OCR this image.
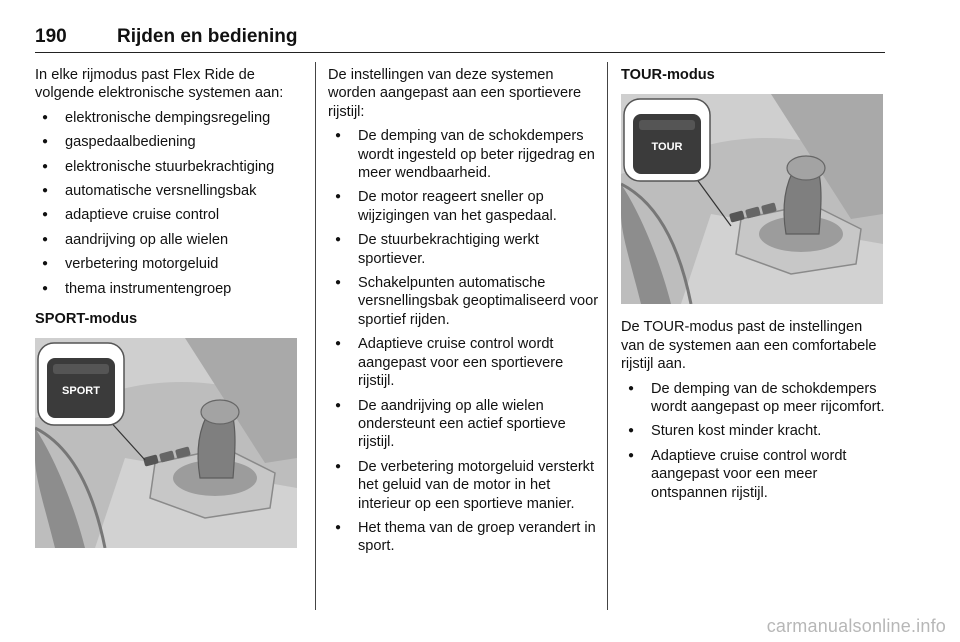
190	Rijden en bediening

In elke rijmodus past Flex Ride de volgende elektronische systemen aan:

● elektronische dempingsregeling
● gaspedaalbediening
● elektronische stuurbekrachtiging
● automatische versnellingsbak
● adaptieve cruise control
● aandrijving op alle wielen
● verbetering motorgeluid
● thema instrumentengroep
SPORT-modus
SPORT

De instellingen van deze systemen worden aangepast aan een sportievere rijstijl:

● De demping van de schokdempers wordt ingesteld op beter rijgedrag en meer wendbaarheid.
● De motor reageert sneller op wijzigingen van het gaspedaal.
● De stuurbekrachtiging werkt sportiever.
● Schakelpunten automatische versnellingsbak geoptimaliseerd voor sportief rijden.
● Adaptieve cruise control wordt aangepast voor een sportievere rijstijl.
● De aandrijving op alle wielen ondersteunt een actief sportieve rijstijl.
● De verbetering motorgeluid versterkt het geluid van de motor in het interieur op een sportieve manier.
● Het thema van de groep verandert in sport.
TOUR-modus
TOUR

De TOUR-modus past de instellingen van de systemen aan een comfortabele rijstijl aan.

● De demping van de schokdempers wordt aangepast op meer rijcomfort.
● Sturen kost minder kracht.
● Adaptieve cruise control wordt aangepast voor een meer ontspannen rijstijl.
carmanualsonline.info
